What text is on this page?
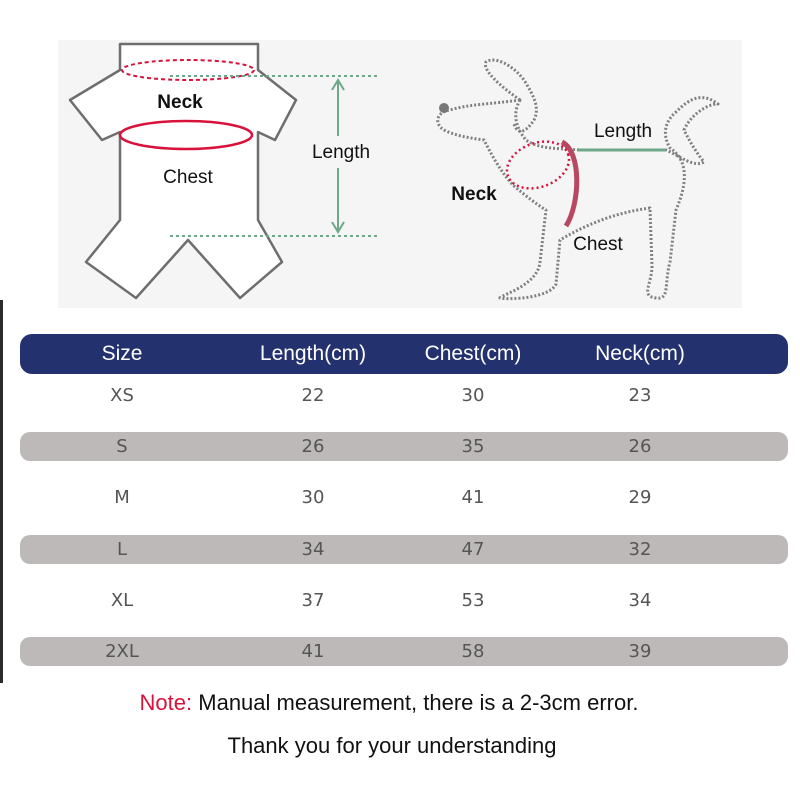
Neck
Chest
Length
Length
Neck
Chest
Size	Length(cm)	Chest(cm)	Neck(cm)
XS	22	30	23
S	26	35	26
M	30	41	29
L	34	47	32
XL	37	53	34
2XL	41	58	39
Note: Manual measurement, there is a 2-3cm error.
Thank you for your understanding
